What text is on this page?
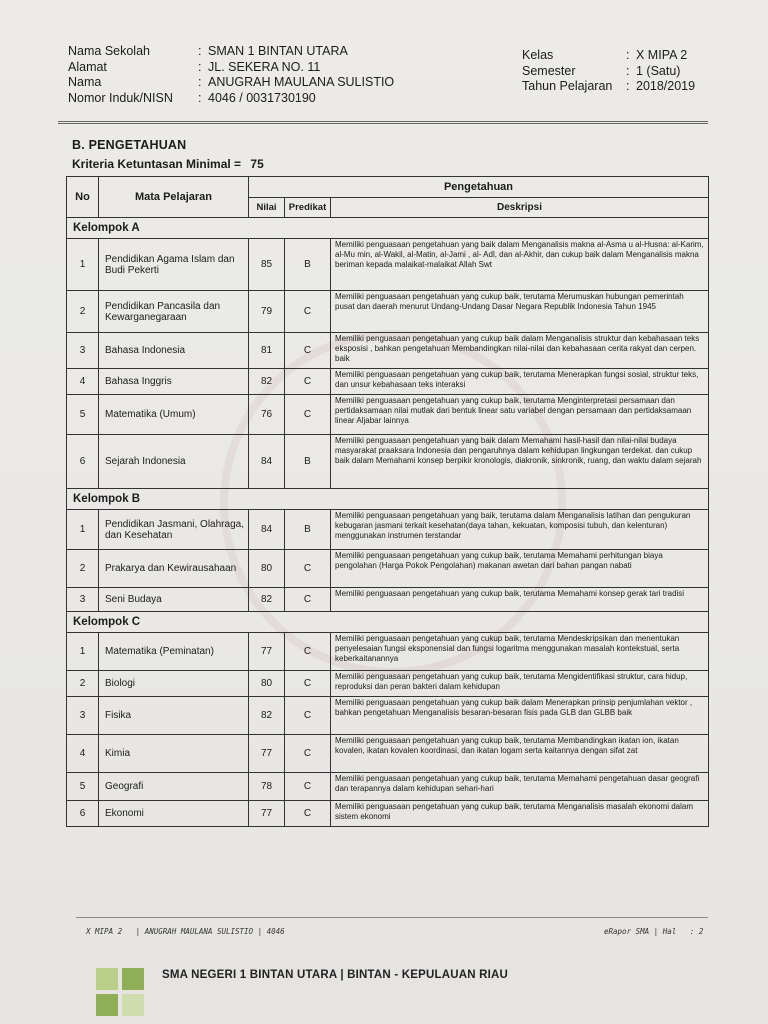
Nama Sekolah	: SMAN 1 BINTAN UTARA
Alamat	: JL. SEKERA NO. 11
Nama	: ANUGRAH MAULANA SULISTIO
Nomor Induk/NISN	: 4046 / 0031730190
Kelas	: X MIPA 2
Semester	: 1 (Satu)
Tahun Pelajaran	: 2018/2019
B. PENGETAHUAN
Kriteria Ketuntasan Minimal = 75
No	Mata Pelajaran	Pengetahuan		
		Nilai	Predikat	Deskripsi
Kelompok A				
1	Pendidikan Agama Islam dan Budi Pekerti	85	B	Memiliki penguasaan pengetahuan yang baik dalam Menganalisis makna al-Asma u al-Husna: al-Karim, al-Mu min, al-Wakil, al-Matin, al-Jami , al- Adl, dan al-Akhir, dan cukup baik dalam Menganalisis makna beriman kepada malaikat-malaikat Allah Swt
2	Pendidikan Pancasila dan Kewarganegaraan	79	C	Memiliki penguasaan pengetahuan yang cukup baik, terutama Merumuskan hubungan pemerintah pusat dan daerah menurut Undang-Undang Dasar Negara Republik Indonesia Tahun 1945
3	Bahasa Indonesia	81	C	Memiliki penguasaan pengetahuan yang cukup baik dalam Menganalisis struktur dan kebahasaan teks eksposisi , bahkan pengetahuan Membandingkan nilai-nilai dan kebahasaan cerita rakyat dan cerpen. baik
4	Bahasa Inggris	82	C	Memiliki penguasaan pengetahuan yang cukup baik, terutama Menerapkan fungsi sosial, struktur teks, dan unsur kebahasaan teks interaksi
5	Matematika (Umum)	76	C	Memiliki penguasaan pengetahuan yang cukup baik, terutama Menginterpretasi persamaan dan pertidaksamaan nilai mutlak dari bentuk linear satu variabel dengan persamaan dan pertidaksamaan linear Aljabar lainnya
6	Sejarah Indonesia	84	B	Memiliki penguasaan pengetahuan yang baik dalam Memahami hasil-hasil dan nilai-nilai budaya masyarakat praaksara Indonesia dan pengaruhnya dalam kehidupan lingkungan terdekat. dan cukup baik dalam Memahami konsep berpikir kronologis, diakronik, sinkronik, ruang, dan waktu dalam sejarah
Kelompok B				
1	Pendidikan Jasmani, Olahraga, dan Kesehatan	84	B	Memiliki penguasaan pengetahuan yang baik, terutama dalam Menganalisis latihan dan pengukuran kebugaran jasmani terkait kesehatan(daya tahan, kekuatan, komposisi tubuh, dan kelenturan) menggunakan instrumen terstandar
2	Prakarya dan Kewirausahaan	80	C	Memiliki penguasaan pengetahuan yang cukup baik, terutama Memahami perhitungan biaya pengolahan (Harga Pokok Pengolahan) makanan awetan dari bahan pangan nabati
3	Seni Budaya	82	C	Memiliki penguasaan pengetahuan yang cukup baik, terutama Memahami konsep gerak tari tradisi
Kelompok C				
1	Matematika (Peminatan)	77	C	Memiliki penguasaan pengetahuan yang cukup baik, terutama Mendeskripsikan dan menentukan penyelesaian fungsi eksponensial dan fungsi logaritma menggunakan masalah kontekstual, serta keberkaitanannya
2	Biologi	80	C	Memiliki penguasaan pengetahuan yang cukup baik, terutama Mengidentifikasi struktur, cara hidup, reproduksi dan peran bakteri dalam kehidupan
3	Fisika	82	C	Memiliki penguasaan pengetahuan yang cukup baik dalam Menerapkan prinsip penjumlahan vektor , bahkan pengetahuan Menganalisis besaran-besaran fisis pada GLB dan GLBB baik
4	Kimia	77	C	Memiliki penguasaan pengetahuan yang cukup baik, terutama Membandingkan ikatan ion, ikatan kovalen, ikatan kovalen koordinasi, dan ikatan logam serta kaitannya dengan sifat zat
5	Geografi	78	C	Memiliki penguasaan pengetahuan yang cukup baik, terutama Memahami pengetahuan dasar geografi dan terapannya dalam kehidupan sehari-hari
6	Ekonomi	77	C	Memiliki penguasaan pengetahuan yang cukup baik, terutama Menganalisis masalah ekonomi dalam sistem ekonomi
X MIPA 2   | ANUGRAH MAULANA SULISTIO | 4046	eRapor SMA | Hal   : 2
SMA NEGERI 1 BINTAN UTARA | BINTAN - KEPULAUAN RIAU
